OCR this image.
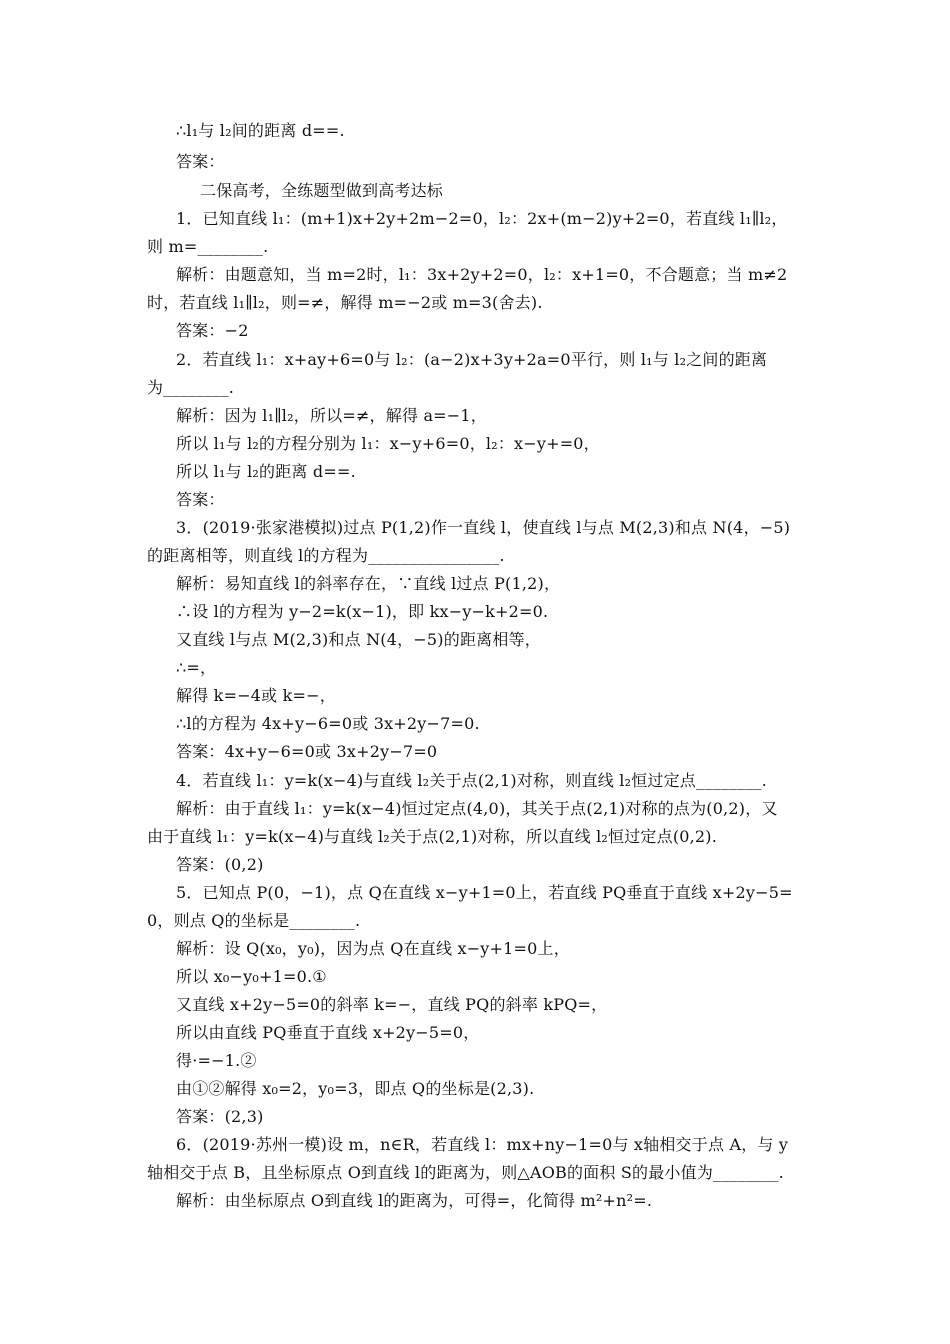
∴l₁与 l₂间的距离 d==.
答案：
二保高考，全练题型做到高考达标
1．已知直线 l₁：(m+1)x+2y+2m−2=0，l₂：2x+(m−2)y+2=0，若直线 l₁∥l₂，
则 m=________.
解析：由题意知，当 m=2时，l₁：3x+2y+2=0，l₂：x+1=0，不合题意；当 m≠2
时，若直线 l₁∥l₂，则=≠，解得 m=−2或 m=3(舍去).
答案：−2
2．若直线 l₁：x+ay+6=0与 l₂：(a−2)x+3y+2a=0平行，则 l₁与 l₂之间的距离
为________.
解析：因为 l₁∥l₂，所以=≠，解得 a=−1，
所以 l₁与 l₂的方程分别为 l₁：x−y+6=0，l₂：x−y+=0，
所以 l₁与 l₂的距离 d==.
答案：
3．(2019·张家港模拟)过点 P(1,2)作一直线 l，使直线 l与点 M(2,3)和点 N(4，−5)
的距离相等，则直线 l的方程为________________.
解析：易知直线 l的斜率存在，∵直线 l过点 P(1,2)，
∴设 l的方程为 y−2=k(x−1)，即 kx−y−k+2=0.
又直线 l与点 M(2,3)和点 N(4，−5)的距离相等，
∴=，
解得 k=−4或 k=−，
∴l的方程为 4x+y−6=0或 3x+2y−7=0.
答案：4x+y−6=0或 3x+2y−7=0
4．若直线 l₁：y=k(x−4)与直线 l₂关于点(2,1)对称，则直线 l₂恒过定点________.
解析：由于直线 l₁：y=k(x−4)恒过定点(4,0)，其关于点(2,1)对称的点为(0,2)，又
由于直线 l₁：y=k(x−4)与直线 l₂关于点(2,1)对称，所以直线 l₂恒过定点(0,2).
答案：(0,2)
5．已知点 P(0，−1)，点 Q在直线 x−y+1=0上，若直线 PQ垂直于直线 x+2y−5=
0，则点 Q的坐标是________.
解析：设 Q(x₀，y₀)，因为点 Q在直线 x−y+1=0上，
所以 x₀−y₀+1=0.①
又直线 x+2y−5=0的斜率 k=−，直线 PQ的斜率 kPQ=，
所以由直线 PQ垂直于直线 x+2y−5=0，
得·=−1.②
由①②解得 x₀=2，y₀=3，即点 Q的坐标是(2,3).
答案：(2,3)
6．(2019·苏州一模)设 m，n∈R，若直线 l：mx+ny−1=0与 x轴相交于点 A，与 y
轴相交于点 B，且坐标原点 O到直线 l的距离为，则△AOB的面积 S的最小值为________.
解析：由坐标原点 O到直线 l的距离为，可得=，化简得 m²+n²=.
